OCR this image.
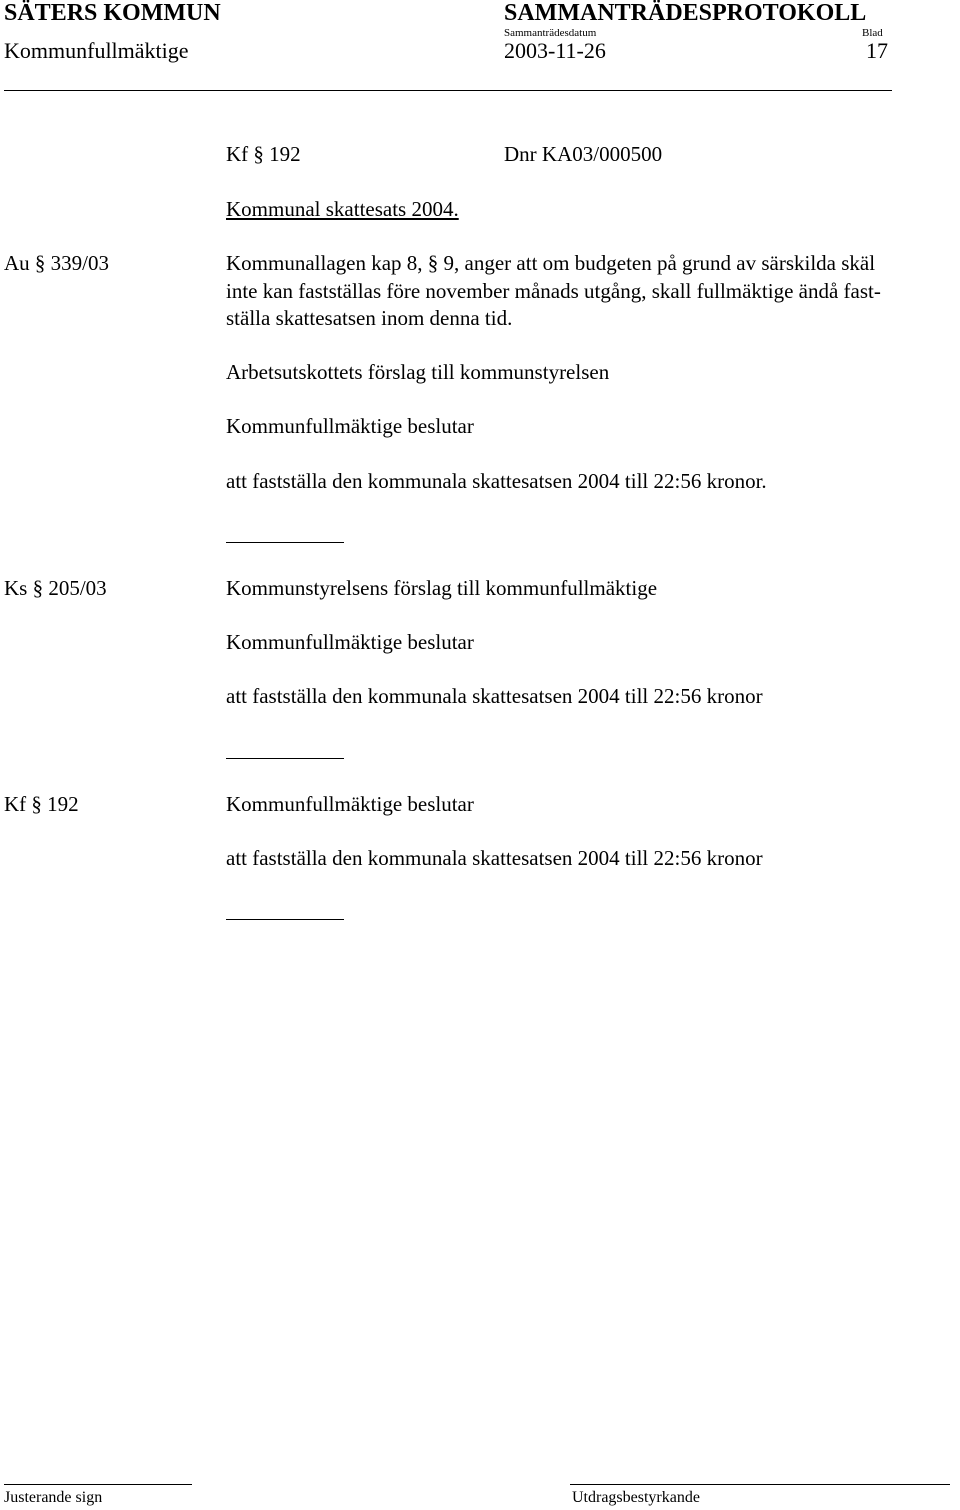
SÄTERS KOMMUN	SAMMANTRÄDESPROTOKOLL
Sammanträdesdatum	Blad
Kommunfullmäktige	2003-11-26	17
Kf § 192	Dnr KA03/000500
Kommunal skattesats 2004.
Au § 339/03	Kommunallagen kap 8, § 9, anger att om budgeten på grund av särskilda skäl
inte kan fastställas före november månads utgång, skall fullmäktige ändå fast-
ställa skattesatsen inom denna tid.
Arbetsutskottets förslag till kommunstyrelsen
Kommunfullmäktige beslutar
att fastställa den kommunala skattesatsen 2004 till 22:56 kronor.
Ks § 205/03	Kommunstyrelsens förslag till kommunfullmäktige
Kommunfullmäktige beslutar
att fastställa den kommunala skattesatsen 2004 till 22:56 kronor
Kf § 192	Kommunfullmäktige beslutar
att fastställa den kommunala skattesatsen 2004 till 22:56 kronor
Justerande sign	Utdragsbestyrkande
